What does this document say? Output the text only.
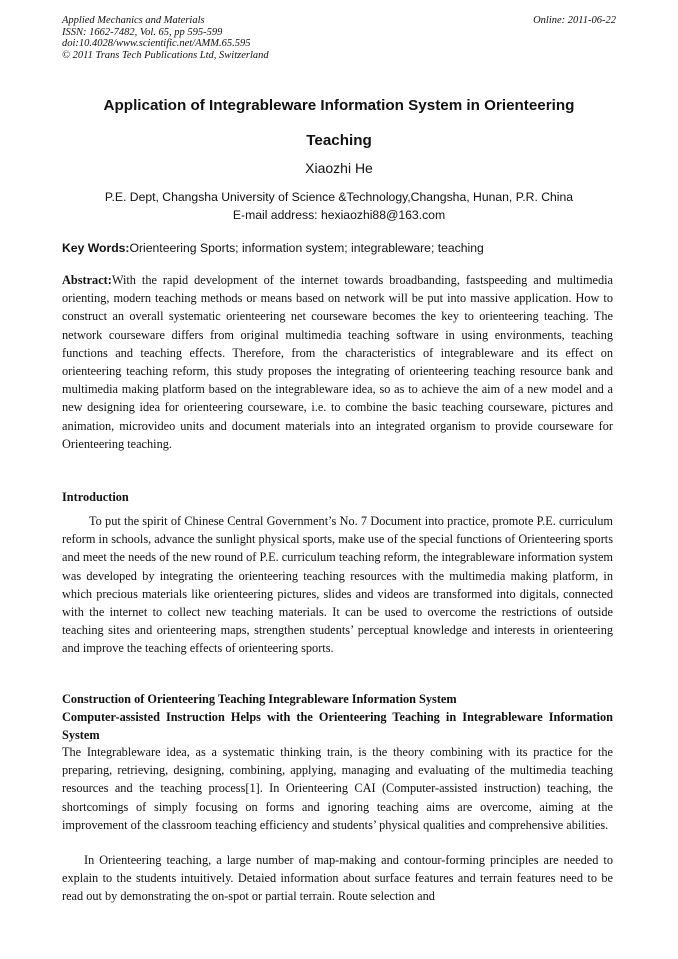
Applied Mechanics and Materials
ISSN: 1662-7482, Vol. 65, pp 595-599
doi:10.4028/www.scientific.net/AMM.65.595
© 2011 Trans Tech Publications Ltd, Switzerland
Online: 2011-06-22
Application of Integrableware Information System in Orienteering
Teaching
Xiaozhi He
P.E. Dept, Changsha University of Science &Technology,Changsha, Hunan, P.R. China
E-mail address: hexiaozhi88@163.com
Key Words:Orienteering Sports; information system; integrableware; teaching
Abstract:With the rapid development of the internet towards broadbanding, fastspeeding and multimedia orienting, modern teaching methods or means based on network will be put into massive application. How to construct an overall systematic orienteering net courseware becomes the key to orienteering teaching. The network courseware differs from original multimedia teaching software in using environments, teaching functions and teaching effects. Therefore, from the characteristics of integrableware and its effect on orienteering teaching reform, this study proposes the integrating of orienteering teaching resource bank and multimedia making platform based on the integrableware idea, so as to achieve the aim of a new model and a new designing idea for orienteering courseware, i.e. to combine the basic teaching courseware, pictures and animation, microvideo units and document materials into an integrated organism to provide courseware for Orienteering teaching.
Introduction
To put the spirit of Chinese Central Government’s No. 7 Document into practice, promote P.E. curriculum reform in schools, advance the sunlight physical sports, make use of the special functions of Orienteering sports and meet the needs of the new round of P.E. curriculum teaching reform, the integrableware information system was developed by integrating the orienteering teaching resources with the multimedia making platform, in which precious materials like orienteering pictures, slides and videos are transformed into digitals, connected with the internet to collect new teaching materials. It can be used to overcome the restrictions of outside teaching sites and orienteering maps, strengthen students’ perceptual knowledge and interests in orienteering and improve the teaching effects of orienteering sports.
Construction of Orienteering Teaching Integrableware Information System
Computer-assisted Instruction Helps with the Orienteering Teaching in Integrableware Information System
The Integrableware idea, as a systematic thinking train, is the theory combining with its practice for the preparing, retrieving, designing, combining, applying, managing and evaluating of the multimedia teaching resources and the teaching process[1]. In Orienteering CAI (Computer-assisted instruction) teaching, the shortcomings of simply focusing on forms and ignoring teaching aims are overcome, aiming at the improvement of the classroom teaching efficiency and students’ physical qualities and comprehensive abilities.
In Orienteering teaching, a large number of map-making and contour-forming principles are needed to explain to the students intuitively. Detaied information about surface features and terrain features need to be read out by demonstrating the on-spot or partial terrain. Route selection and
